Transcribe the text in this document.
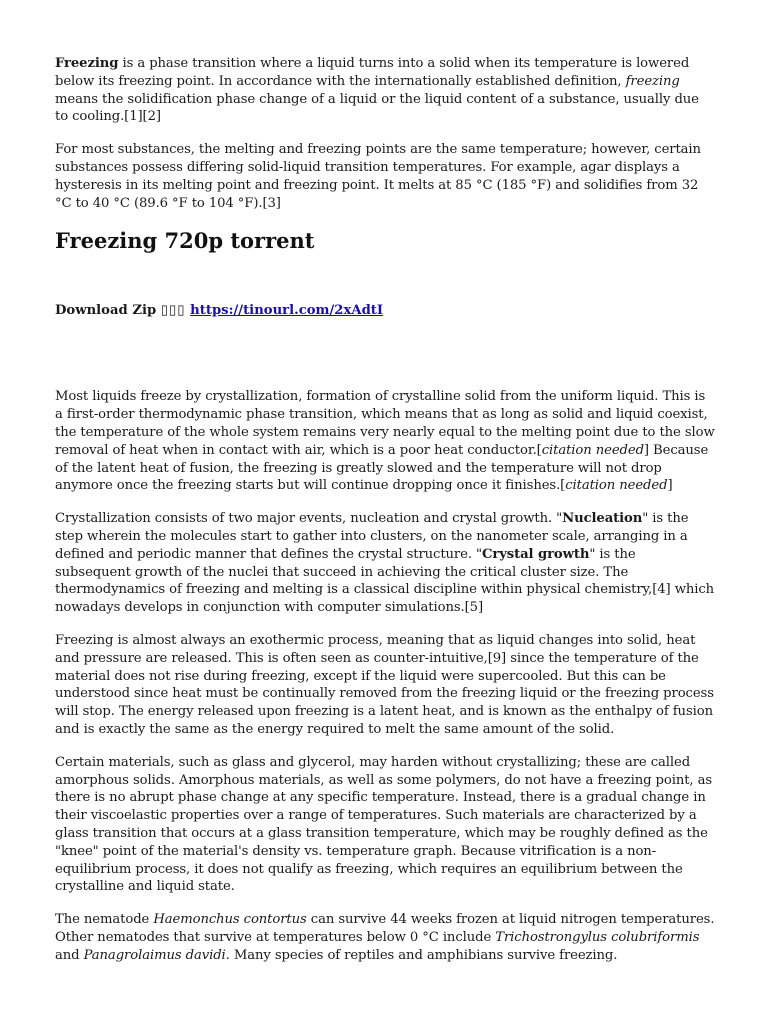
Freezing is a phase transition where a liquid turns into a solid when its temperature is lowered below its freezing point. In accordance with the internationally established definition, freezing means the solidification phase change of a liquid or the liquid content of a substance, usually due to cooling.[1][2]

For most substances, the melting and freezing points are the same temperature; however, certain substances possess differing solid-liquid transition temperatures. For example, agar displays a hysteresis in its melting point and freezing point. It melts at 85 °C (185 °F) and solidifies from 32 °C to 40 °C (89.6 °F to 104 °F).[3]

Freezing 720p torrent
Download Zip ▯▯▯ https://tinourl.com/2xAdtI

Most liquids freeze by crystallization, formation of crystalline solid from the uniform liquid. This is a first-order thermodynamic phase transition, which means that as long as solid and liquid coexist, the temperature of the whole system remains very nearly equal to the melting point due to the slow removal of heat when in contact with air, which is a poor heat conductor.[citation needed] Because of the latent heat of fusion, the freezing is greatly slowed and the temperature will not drop anymore once the freezing starts but will continue dropping once it finishes.[citation needed]

Crystallization consists of two major events, nucleation and crystal growth. "Nucleation" is the step wherein the molecules start to gather into clusters, on the nanometer scale, arranging in a defined and periodic manner that defines the crystal structure. "Crystal growth" is the subsequent growth of the nuclei that succeed in achieving the critical cluster size. The thermodynamics of freezing and melting is a classical discipline within physical chemistry,[4] which nowadays develops in conjunction with computer simulations.[5]

Freezing is almost always an exothermic process, meaning that as liquid changes into solid, heat and pressure are released. This is often seen as counter-intuitive,[9] since the temperature of the material does not rise during freezing, except if the liquid were supercooled. But this can be understood since heat must be continually removed from the freezing liquid or the freezing process will stop. The energy released upon freezing is a latent heat, and is known as the enthalpy of fusion and is exactly the same as the energy required to melt the same amount of the solid.

Certain materials, such as glass and glycerol, may harden without crystallizing; these are called amorphous solids. Amorphous materials, as well as some polymers, do not have a freezing point, as there is no abrupt phase change at any specific temperature. Instead, there is a gradual change in their viscoelastic properties over a range of temperatures. Such materials are characterized by a glass transition that occurs at a glass transition temperature, which may be roughly defined as the "knee" point of the material's density vs. temperature graph. Because vitrification is a non-equilibrium process, it does not qualify as freezing, which requires an equilibrium between the crystalline and liquid state.

The nematode Haemonchus contortus can survive 44 weeks frozen at liquid nitrogen temperatures. Other nematodes that survive at temperatures below 0 °C include Trichostrongylus colubriformis and Panagrolaimus davidi. Many species of reptiles and amphibians survive freezing.
